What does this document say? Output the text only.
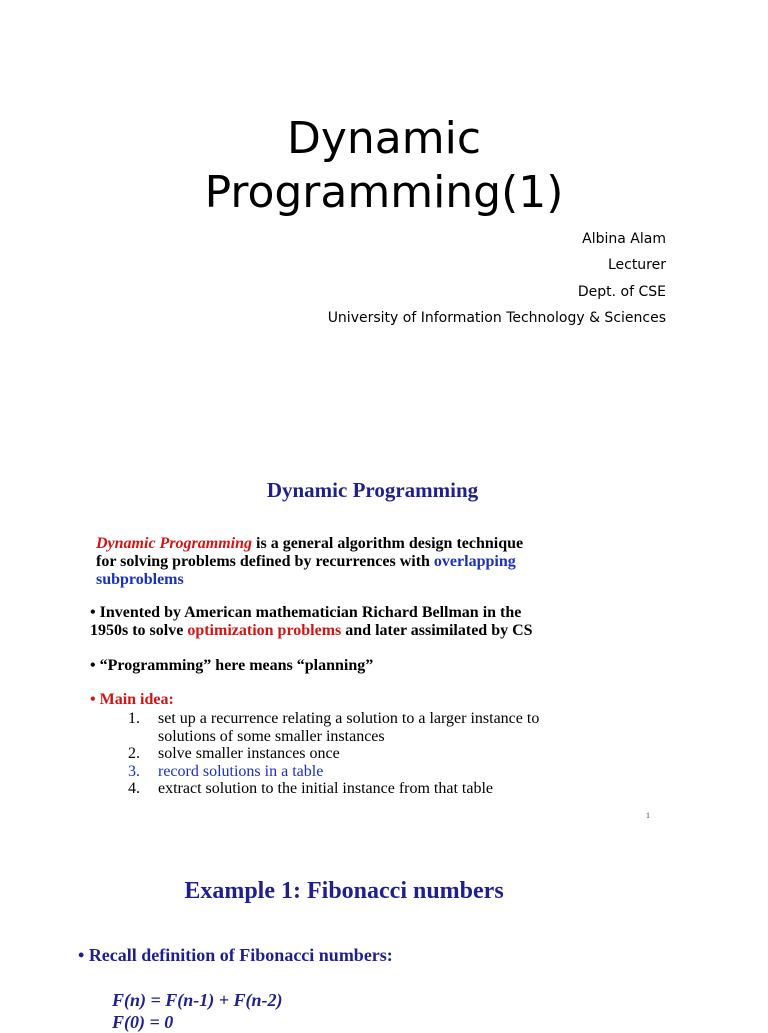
Dynamic
Programming(1)
Albina Alam
Lecturer
Dept. of CSE
University of Information Technology & Sciences
Dynamic Programming
Dynamic Programming is a general algorithm design technique
for solving problems defined by recurrences with overlapping
subproblems
• Invented by American mathematician Richard Bellman in the
1950s to solve optimization problems and later assimilated by CS
• “Programming” here means “planning”
• Main idea:
1. set up a recurrence relating a solution to a larger instance to
solutions of some smaller instances
2. solve smaller instances once
3. record solutions in a table
4. extract solution to the initial instance from that table
1
Example 1: Fibonacci numbers
• Recall definition of Fibonacci numbers:
F(n) = F(n-1) + F(n-2)
F(0) = 0
